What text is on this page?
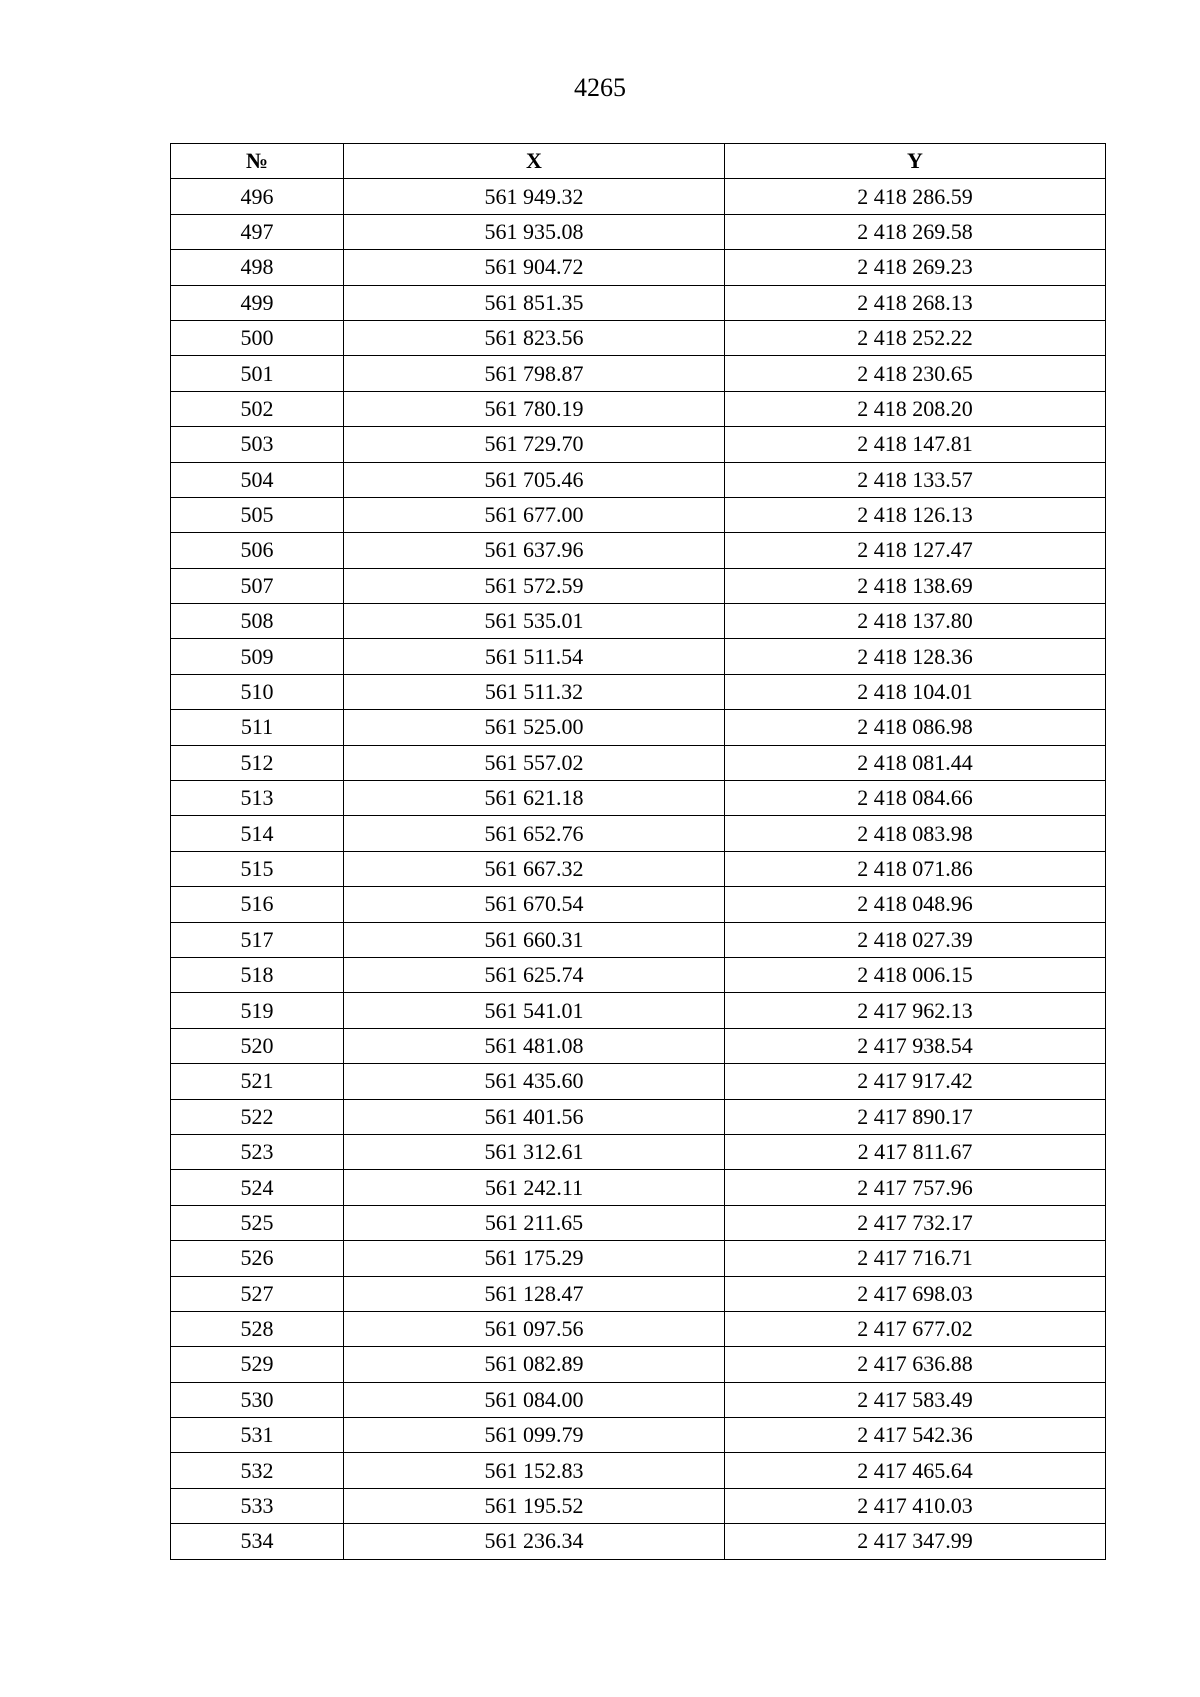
4265
№	X	Y
496	561 949.32	2 418 286.59
497	561 935.08	2 418 269.58
498	561 904.72	2 418 269.23
499	561 851.35	2 418 268.13
500	561 823.56	2 418 252.22
501	561 798.87	2 418 230.65
502	561 780.19	2 418 208.20
503	561 729.70	2 418 147.81
504	561 705.46	2 418 133.57
505	561 677.00	2 418 126.13
506	561 637.96	2 418 127.47
507	561 572.59	2 418 138.69
508	561 535.01	2 418 137.80
509	561 511.54	2 418 128.36
510	561 511.32	2 418 104.01
511	561 525.00	2 418 086.98
512	561 557.02	2 418 081.44
513	561 621.18	2 418 084.66
514	561 652.76	2 418 083.98
515	561 667.32	2 418 071.86
516	561 670.54	2 418 048.96
517	561 660.31	2 418 027.39
518	561 625.74	2 418 006.15
519	561 541.01	2 417 962.13
520	561 481.08	2 417 938.54
521	561 435.60	2 417 917.42
522	561 401.56	2 417 890.17
523	561 312.61	2 417 811.67
524	561 242.11	2 417 757.96
525	561 211.65	2 417 732.17
526	561 175.29	2 417 716.71
527	561 128.47	2 417 698.03
528	561 097.56	2 417 677.02
529	561 082.89	2 417 636.88
530	561 084.00	2 417 583.49
531	561 099.79	2 417 542.36
532	561 152.83	2 417 465.64
533	561 195.52	2 417 410.03
534	561 236.34	2 417 347.99
